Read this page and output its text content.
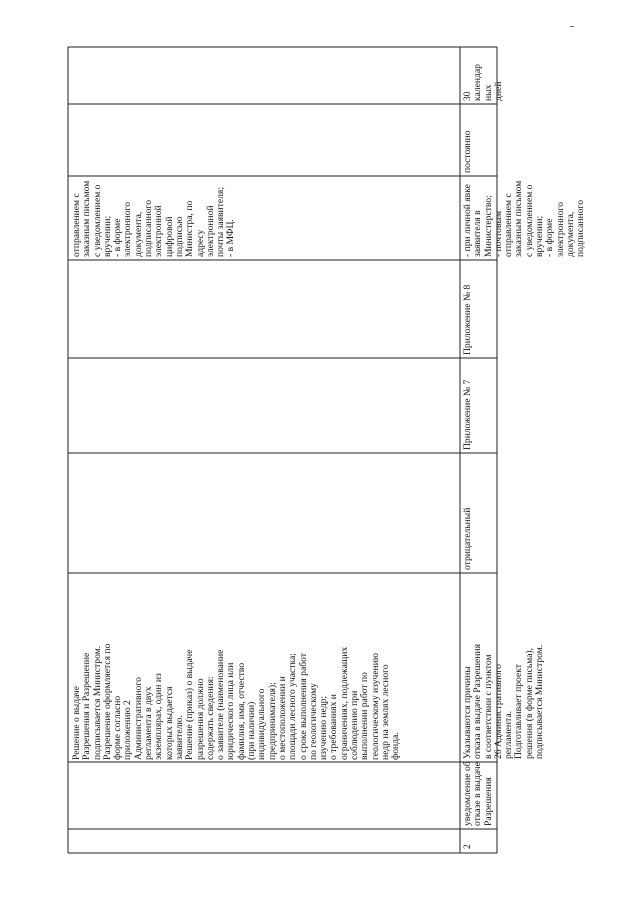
Решение о выдаче Разрешения и Разрешение подписывается Министром. Разрешение оформляется по форме согласно приложению 2 Административного регламента в двух экземплярах, один из которых выдается заявителю. Решение (приказ) о выдаче разрешения должно содержать сведения: о заявителе (наименование юридического лица или фамилия, имя, отчество (при наличии) индивидуального предпринимателя); о местоположении и площади лесного участка; о сроке выполнения работ по геологическому изучению недр; о требованиях и ограничениях, подлежащих соблюдению при выполнении работ по геологическому изучению недр на землях лесного фонда.
отправлением с заказным письмом с уведомлением о вручении; - в форме электронного документа, подписанного электронной цифровой подписью Министра, по адресу электронной почты заявителя; - в МФЦ.
2
уведомление об отказе в выдаче Разрешения
Указываются причины отказа в выдаче Разрешения в соответствии с пунктом 26 Административного регламента. Подготавливает проект решения (в форме письма), подписывается Министром.
отрицательный
Приложение № 7
Приложение № 8
- при личной явке заявителя в Министерство; - почтовым отправлением с заказным письмом с уведомлением о вручении; - в форме электронного документа, подписанного
постоянно
30 календар ных дней
